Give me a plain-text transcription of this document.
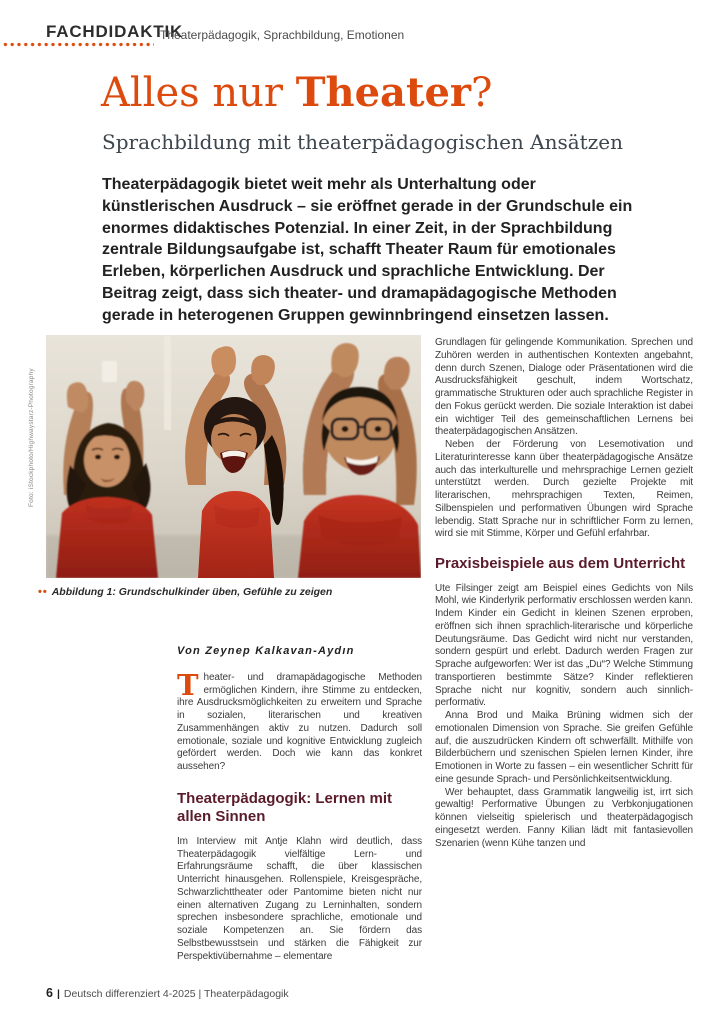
FACHDIDAKTIK
Theaterpädagogik, Sprachbildung, Emotionen
Alles nur Theater?
Sprachbildung mit theaterpädagogischen Ansätzen

Theaterpädagogik bietet weit mehr als Unterhaltung oder künstlerischen Ausdruck – sie eröffnet gerade in der Grundschule ein enormes didaktisches Potenzial. In einer Zeit, in der Sprachbildung zentrale Bildungsaufgabe ist, schafft Theater Raum für emotionales Erleben, körperlichen Ausdruck und sprachliche Entwicklung. Der Beitrag zeigt, dass sich theater- und dramapädagogische Methoden gerade in heterogenen Gruppen gewinnbringend einsetzen lassen.

Foto: iStockphoto/Highwaystarz-Photography
•• Abbildung 1: Grundschulkinder üben, Gefühle zu zeigen
Von Zeynep Kalkavan-Aydın

Theater- und dramapädagogische Methoden ermöglichen Kindern, ihre Stimme zu entdecken, ihre Ausdrucksmöglichkeiten zu erweitern und Sprache in sozialen, literarischen und kreativen Zusammenhängen aktiv zu nutzen. Dadurch soll emotionale, soziale und kognitive Entwicklung zugleich gefördert werden. Doch wie kann das konkret aussehen?

Theaterpädagogik: Lernen mit allen Sinnen

Im Interview mit Antje Klahn wird deutlich, dass Theaterpädagogik vielfältige Lern- und Erfahrungsräume schafft, die über klassischen Unterricht hinausgehen. Rollenspiele, Kreisgespräche, Schwarzlichttheater oder Pantomime bieten nicht nur einen alternativen Zugang zu Lerninhalten, sondern sprechen insbesondere sprachliche, emotionale und soziale Kompetenzen an. Sie fördern das Selbstbewusstsein und stärken die Fähigkeit zur Perspektivübernahme – elementare

Grundlagen für gelingende Kommunikation. Sprechen und Zuhören werden in authentischen Kontexten angebahnt, denn durch Szenen, Dialoge oder Präsentationen wird die Ausdrucksfähigkeit geschult, indem Wortschatz, grammatische Strukturen oder auch sprachliche Register in den Fokus gerückt werden. Die soziale Interaktion ist dabei ein wichtiger Teil des gemeinschaftlichen Lernens bei theaterpädagogischen Ansätzen.

Neben der Förderung von Lesemotivation und Literaturinteresse kann über theaterpädagogische Ansätze auch das interkulturelle und mehrsprachige Lernen gezielt unterstützt werden. Durch gezielte Projekte mit literarischen, mehrsprachigen Texten, Reimen, Silbenspielen und performativen Übungen wird Sprache lebendig. Statt Sprache nur in schriftlicher Form zu lernen, wird sie mit Stimme, Körper und Gefühl erfahrbar.

Praxisbeispiele aus dem Unterricht

Ute Filsinger zeigt am Beispiel eines Gedichts von Nils Mohl, wie Kinderlyrik performativ erschlossen werden kann. Indem Kinder ein Gedicht in kleinen Szenen erproben, eröffnen sich ihnen sprachlich-literarische und körperliche Deutungsräume. Das Gedicht wird nicht nur verstanden, sondern gespürt und erlebt. Dadurch werden Fragen zur Sprache aufgeworfen: Wer ist das „Du“? Welche Stimmung transportieren bestimmte Sätze? Kinder reflektieren Sprache nicht nur kognitiv, sondern auch sinnlich-performativ.

Anna Brod und Maika Brüning widmen sich der emotionalen Dimension von Sprache. Sie greifen Gefühle auf, die auszudrücken Kindern oft schwerfällt. Mithilfe von Bilderbüchern und szenischen Spielen lernen Kinder, ihre Emotionen in Worte zu fassen – ein wesentlicher Schritt für eine gesunde Sprach- und Persönlichkeitsentwicklung.

Wer behauptet, dass Grammatik langweilig ist, irrt sich gewaltig! Performative Übungen zu Verbkonjugationen können vielseitig spielerisch und theaterpädagogisch eingesetzt werden. Fanny Kilian lädt mit fantasievollen Szenarien (wenn Kühe tanzen und

6 | Deutsch differenziert 4-2025 | Theaterpädagogik
